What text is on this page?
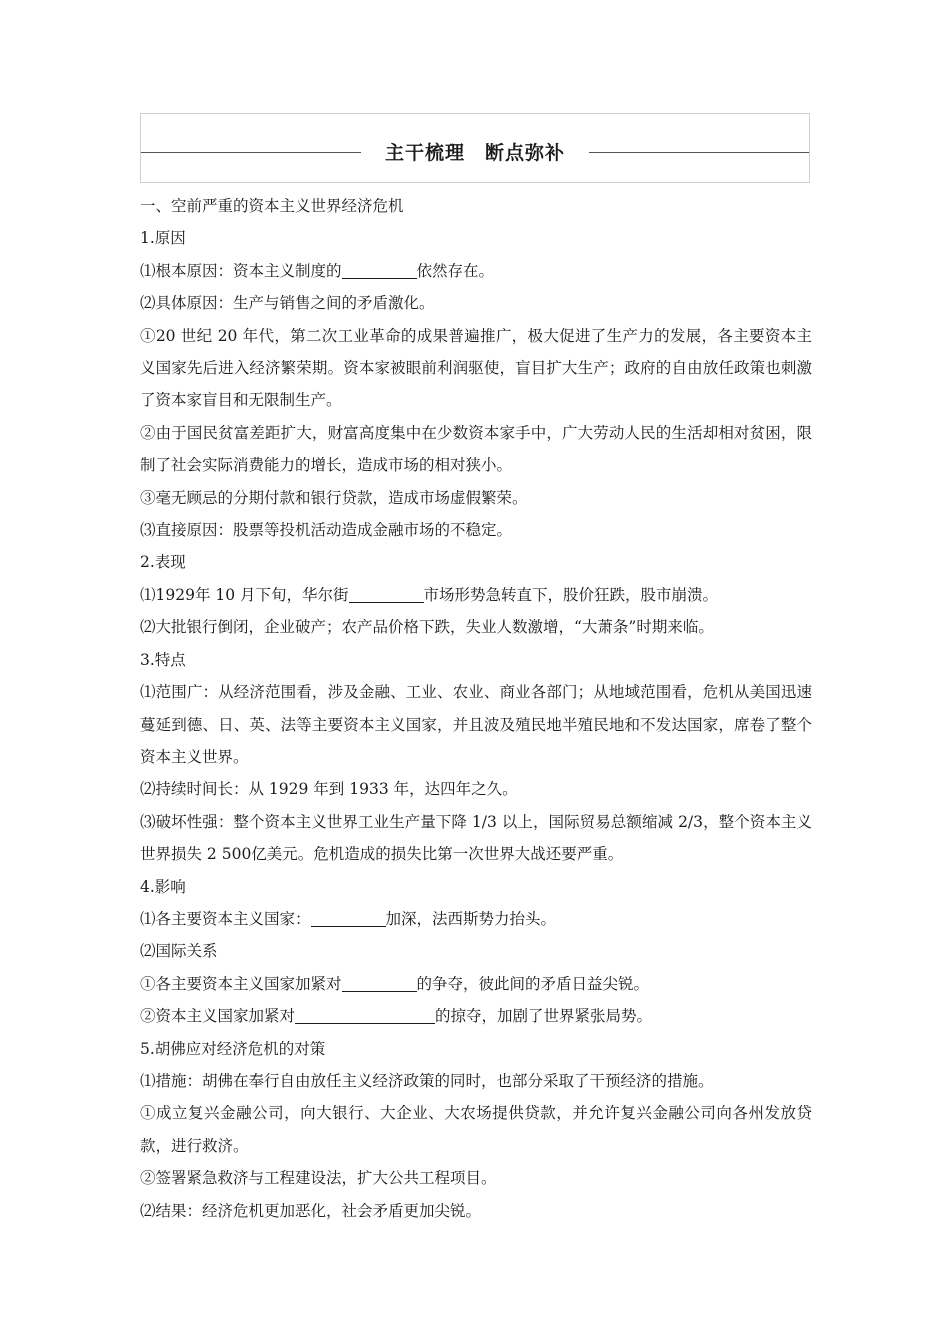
主干梳理　断点弥补
一、空前严重的资本主义世界经济危机
1.原因
⑴根本原因：资本主义制度的	依然存在。
⑵具体原因：生产与销售之间的矛盾激化。
①20 世纪 20 年代，第二次工业革命的成果普遍推广，极大促进了生产力的发展，各主要资本主义国家先后进入经济繁荣期。资本家被眼前利润驱使，盲目扩大生产；政府的自由放任政策也刺激了资本家盲目和无限制生产。
②由于国民贫富差距扩大，财富高度集中在少数资本家手中，广大劳动人民的生活却相对贫困，限制了社会实际消费能力的增长，造成市场的相对狭小。
③毫无顾忌的分期付款和银行贷款，造成市场虚假繁荣。
⑶直接原因：股票等投机活动造成金融市场的不稳定。
2.表现
⑴1929年 10 月下旬，华尔街	市场形势急转直下，股价狂跌，股市崩溃。
⑵大批银行倒闭，企业破产；农产品价格下跌，失业人数激增，“大萧条”时期来临。
3.特点
⑴范围广：从经济范围看，涉及金融、工业、农业、商业各部门；从地域范围看，危机从美国迅速蔓延到德、日、英、法等主要资本主义国家，并且波及殖民地半殖民地和不发达国家，席卷了整个资本主义世界。
⑵持续时间长：从 1929 年到 1933 年，达四年之久。
⑶破坏性强：整个资本主义世界工业生产量下降 1/3 以上，国际贸易总额缩减 2/3，整个资本主义世界损失 2 500亿美元。危机造成的损失比第一次世界大战还要严重。
4.影响
⑴各主要资本主义国家：	加深，法西斯势力抬头。
⑵国际关系
①各主要资本主义国家加紧对	的争夺，彼此间的矛盾日益尖锐。
②资本主义国家加紧对	的掠夺，加剧了世界紧张局势。
5.胡佛应对经济危机的对策
⑴措施：胡佛在奉行自由放任主义经济政策的同时，也部分采取了干预经济的措施。
①成立复兴金融公司，向大银行、大企业、大农场提供贷款，并允许复兴金融公司向各州发放贷款，进行救济。
②签署紧急救济与工程建设法，扩大公共工程项目。
⑵结果：经济危机更加恶化，社会矛盾更加尖锐。
